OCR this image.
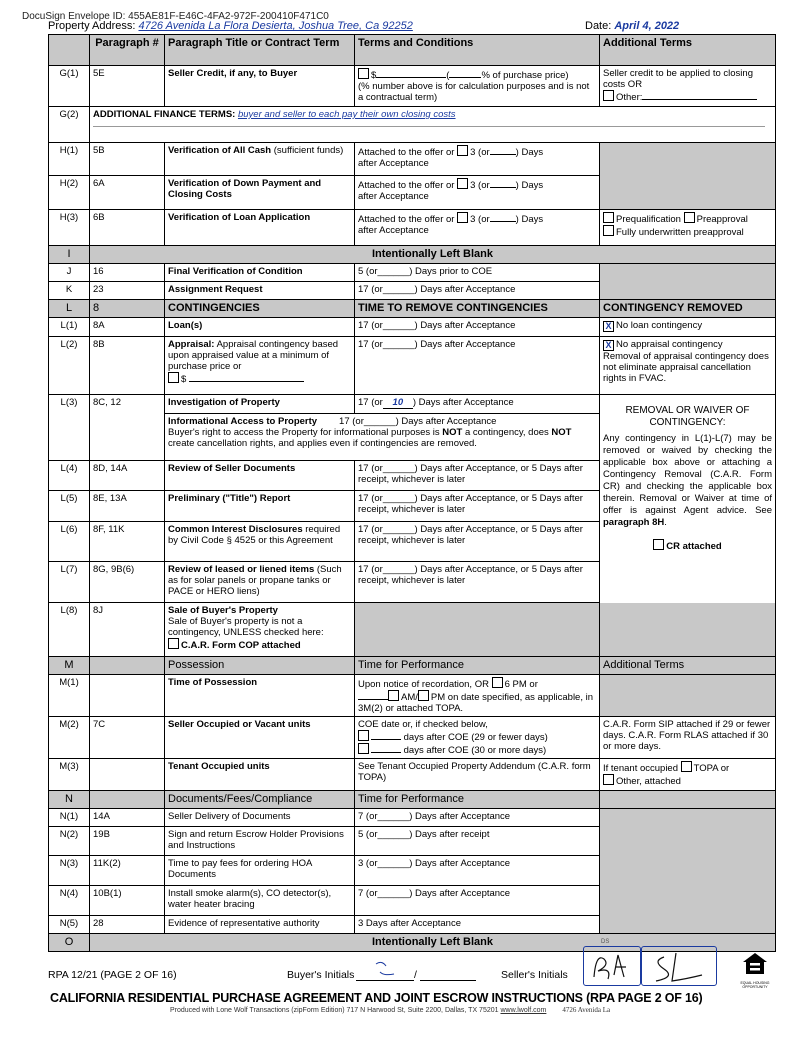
DocuSign Envelope ID: 455AE81F-E46C-4FA2-972F-200410F471C0
Property Address: 4726 Avenida La Flora Desierta, Joshua Tree, Ca 92252	Date: April 4, 2022
	Paragraph #	Paragraph Title or Contract Term	Terms and Conditions	Additional Terms
G(1)	5E	Seller Credit, if any, to Buyer	$ ( % of purchase price)
(% number above is for calculation purposes and is not a contractual term)	Seller credit to be applied to closing costs OR
Other:
G(2)	ADDITIONAL FINANCE TERMS: buyer and seller to each pay their own closing costs			

H(1)	5B	Verification of All Cash (sufficient funds)	Attached to the offer or 3 (or ) Days
after Acceptance	
H(2)	6A	Verification of Down Payment and Closing Costs	Attached to the offer or 3 (or ) Days
after Acceptance	
H(3)	6B	Verification of Loan Application	Attached to the offer or 3 (or ) Days
after Acceptance	Prequalification Preapproval
Fully underwritten preapproval
I	Intentionally Left Blank			
J	16	Final Verification of Condition	5 (or______) Days prior to COE	
K	23	Assignment Request	17 (or______) Days after Acceptance	
L	8	CONTINGENCIES	TIME TO REMOVE CONTINGENCIES	CONTINGENCY REMOVED
L(1)	8A	Loan(s)	17 (or______) Days after Acceptance	X No loan contingency
L(2)	8B	Appraisal: Appraisal contingency based upon appraised value at a minimum of purchase price or
$	17 (or______) Days after Acceptance	X No appraisal contingency
Removal of appraisal contingency does not eliminate appraisal cancellation rights in FVAC.
L(3)	8C, 12	Investigation of Property	17 (or 10 ) Days after Acceptance	REMOVAL OR WAIVER OF CONTINGENCY:
Any contingency in L(1)-L(7) may be removed or waived by checking the applicable box above or attaching a Contingency Removal (C.A.R. Form CR) and checking the applicable box therein. Removal or Waiver at time of offer is against Agent advice. See paragraph 8H.
CR attached

		Informational Access to Property 17 (or______) Days after Acceptance
Buyer's right to access the Property for informational purposes is NOT a contingency, does NOT create cancellation rights, and applies even if contingencies are removed.		
L(4)	8D, 14A	Review of Seller Documents	17 (or______) Days after Acceptance, or 5 Days after receipt, whichever is later	
L(5)	8E, 13A	Preliminary ("Title") Report	17 (or______) Days after Acceptance, or 5 Days after receipt, whichever is later	
L(6)	8F, 11K	Common Interest Disclosures required by Civil Code § 4525 or this Agreement	17 (or______) Days after Acceptance, or 5 Days after receipt, whichever is later	
L(7)	8G, 9B(6)	Review of leased or liened items (Such as for solar panels or propane tanks or PACE or HERO liens)	17 (or______) Days after Acceptance, or 5 Days after receipt, whichever is later	
L(8)	8J	Sale of Buyer's Property
Sale of Buyer's property is not a contingency, UNLESS checked here:
C.A.R. Form COP attached		
M		Possession	Time for Performance	Additional Terms
M(1)		Time of Possession	Upon notice of recordation, OR 6 PM or
AM/ PM on date specified, as applicable, in 3M(2) or attached TOPA.	
M(2)	7C	Seller Occupied or Vacant units	COE date or, if checked below,
days after COE (29 or fewer days)
days after COE (30 or more days)	C.A.R. Form SIP attached if 29 or fewer days. C.A.R. Form RLAS attached if 30 or more days.
M(3)		Tenant Occupied units	See Tenant Occupied Property Addendum (C.A.R. form TOPA)	If tenant occupied TOPA or
Other, attached
N		Documents/Fees/Compliance	Time for Performance	
N(1)	14A	Seller Delivery of Documents	7 (or______) Days after Acceptance	
N(2)	19B	Sign and return Escrow Holder Provisions and Instructions	5 (or______) Days after receipt	
N(3)	11K(2)	Time to pay fees for ordering HOA Documents	3 (or______) Days after Acceptance	
N(4)	10B(1)	Install smoke alarm(s), CO detector(s), water heater bracing	7 (or______) Days after Acceptance	
N(5)	28	Evidence of representative authority	3 Days after Acceptance	
O	Intentionally Left Blank			
RPA 12/21 (PAGE 2 OF 16)	Buyer's Initials	/	Seller's Initials
DS
EQUAL HOUSING OPPORTUNITY
CALIFORNIA RESIDENTIAL PURCHASE AGREEMENT AND JOINT ESCROW INSTRUCTIONS (RPA PAGE 2 OF 16)
Produced with Lone Wolf Transactions (zipForm Edition) 717 N Harwood St, Suite 2200, Dallas, TX 75201 www.lwolf.com 4726 Avenida La
